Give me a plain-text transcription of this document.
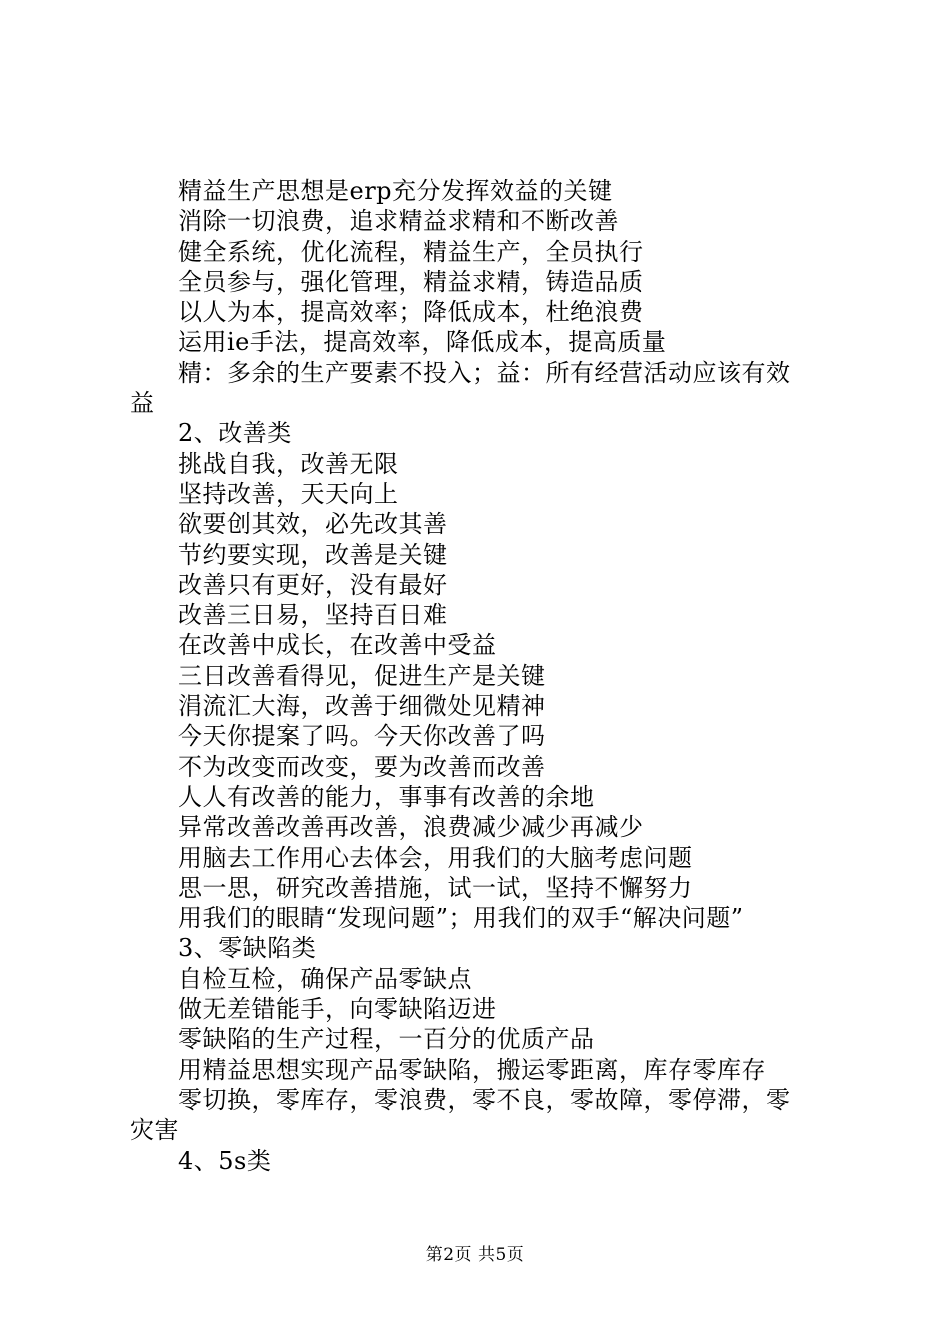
精益生产思想是erp充分发挥效益的关键
消除一切浪费，追求精益求精和不断改善
健全系统，优化流程，精益生产，全员执行
全员参与，强化管理，精益求精，铸造品质
以人为本，提高效率；降低成本，杜绝浪费
运用ie手法，提高效率，降低成本，提高质量
精：多余的生产要素不投入；益：所有经营活动应该有效
益
2、改善类
挑战自我，改善无限
坚持改善，天天向上
欲要创其效，必先改其善
节约要实现，改善是关键
改善只有更好，没有最好
改善三日易，坚持百日难
在改善中成长，在改善中受益
三日改善看得见，促进生产是关键
涓流汇大海，改善于细微处见精神
今天你提案了吗。今天你改善了吗
不为改变而改变，要为改善而改善
人人有改善的能力，事事有改善的余地
异常改善改善再改善，浪费减少减少再减少
用脑去工作用心去体会，用我们的大脑考虑问题
思一思，研究改善措施，试一试，坚持不懈努力
用我们的眼睛“发现问题”；用我们的双手“解决问题”
3、零缺陷类
自检互检，确保产品零缺点
做无差错能手，向零缺陷迈进
零缺陷的生产过程，一百分的优质产品
用精益思想实现产品零缺陷，搬运零距离，库存零库存
零切换，零库存，零浪费，零不良，零故障，零停滞，零
灾害
4、5s类
第2页 共5页
